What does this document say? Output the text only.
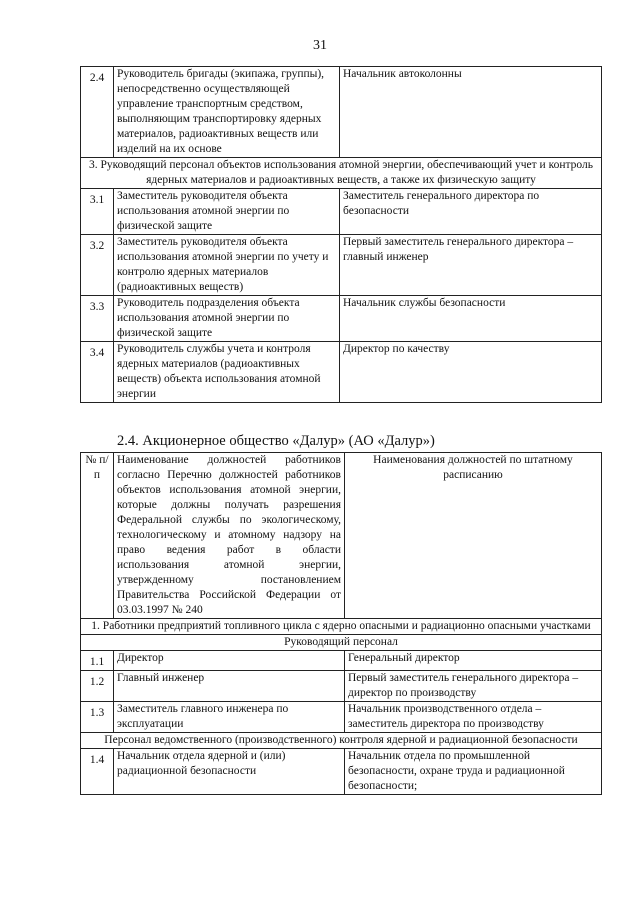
31
2.4	Руководитель бригады (экипажа, группы), непосредственно осуществляющей управление транспортным средством, выполняющим транспортировку ядерных материалов, радиоактивных веществ или изделий на их основе	Начальник автоколонны
3. Руководящий персонал объектов использования атомной энергии, обеспечивающий учет и контроль ядерных материалов и радиоактивных веществ, а также их физическую защиту		
3.1	Заместитель руководителя объекта использования атомной энергии по физической защите	Заместитель генерального директора по безопасности
3.2	Заместитель руководителя объекта использования атомной энергии по учету и контролю ядерных материалов (радиоактивных веществ)	Первый заместитель генерального директора – главный инженер
3.3	Руководитель подразделения объекта использования атомной энергии по физической защите	Начальник службы безопасности
3.4	Руководитель службы учета и контроля ядерных материалов (радиоактивных веществ) объекта использования атомной энергии	Директор по качеству
2.4. Акционерное общество «Далур» (АО «Далур»)
№ п/п	Наименование должностей работников согласно Перечню должностей работников объектов использования атомной энергии, которые должны получать разрешения Федеральной службы по экологическому, технологическому и атомному надзору на право ведения работ в области использования атомной энергии, утвержденному постановлением Правительства Российской Федерации от 03.03.1997 № 240	Наименования должностей по штатному расписанию
1. Работники предприятий топливного цикла с ядерно опасными и радиационно опасными участками		
Руководящий персонал		
1.1	Директор	Генеральный директор
1.2	Главный инженер	Первый заместитель генерального директора – директор по производству
1.3	Заместитель главного инженера по эксплуатации	Начальник производственного отдела – заместитель директора по производству
Персонал ведомственного (производственного) контроля ядерной и радиационной безопасности		
1.4	Начальник отдела ядерной и (или) радиационной безопасности	Начальник отдела по промышленной безопасности, охране труда и радиационной безопасности;
